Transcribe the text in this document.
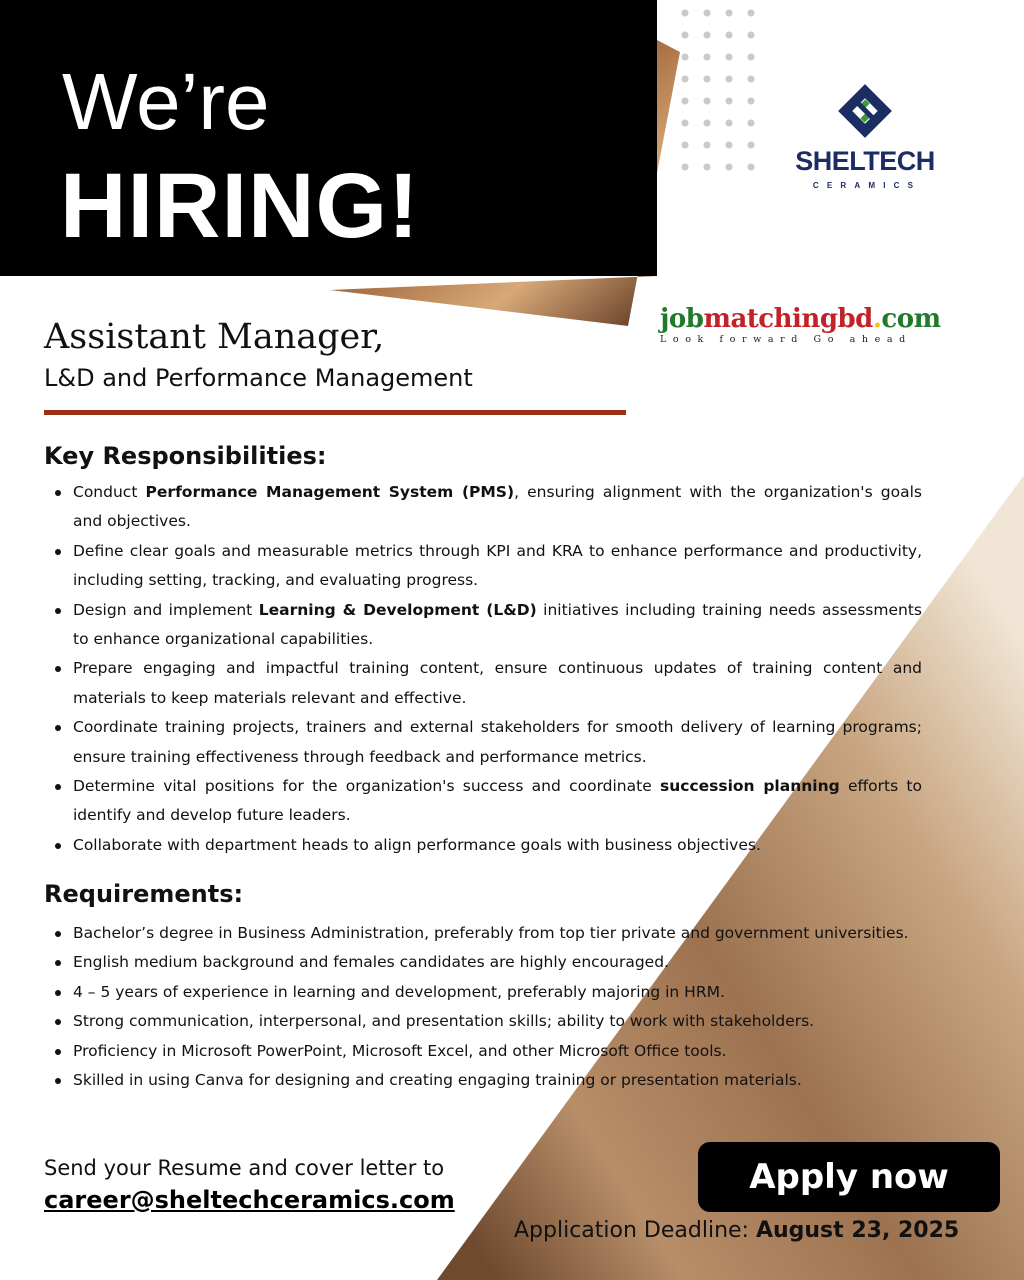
We’re
HIRING!	SHELTECH
CERAMICS
jobmatchingbd.com
Look forward Go ahead
Assistant Manager,
L&D and Performance Management
Key Responsibilities:
Conduct Performance Management System (PMS), ensuring alignment with the organization's goals and objectives.
Define clear goals and measurable metrics through KPI and KRA to enhance performance and productivity, including setting, tracking, and evaluating progress.
Design and implement Learning & Development (L&D) initiatives including training needs assessments to enhance organizational capabilities.
Prepare engaging and impactful training content, ensure continuous updates of training content and materials to keep materials relevant and effective.
Coordinate training projects, trainers and external stakeholders for smooth delivery of learning programs; ensure training effectiveness through feedback and performance metrics.
Determine vital positions for the organization's success and coordinate succession planning efforts to identify and develop future leaders.
Collaborate with department heads to align performance goals with business objectives.
Requirements:
Bachelor’s degree in Business Administration, preferably from top tier private and government universities.
English medium background and females candidates are highly encouraged.
4 – 5 years of experience in learning and development, preferably majoring in HRM.
Strong communication, interpersonal, and presentation skills; ability to work with stakeholders.
Proficiency in Microsoft PowerPoint, Microsoft Excel, and other Microsoft Office tools.
Skilled in using Canva for designing and creating engaging training or presentation materials.
Send your Resume and cover letter to
career@sheltechceramics.com
Apply now
Application Deadline: August 23, 2025
